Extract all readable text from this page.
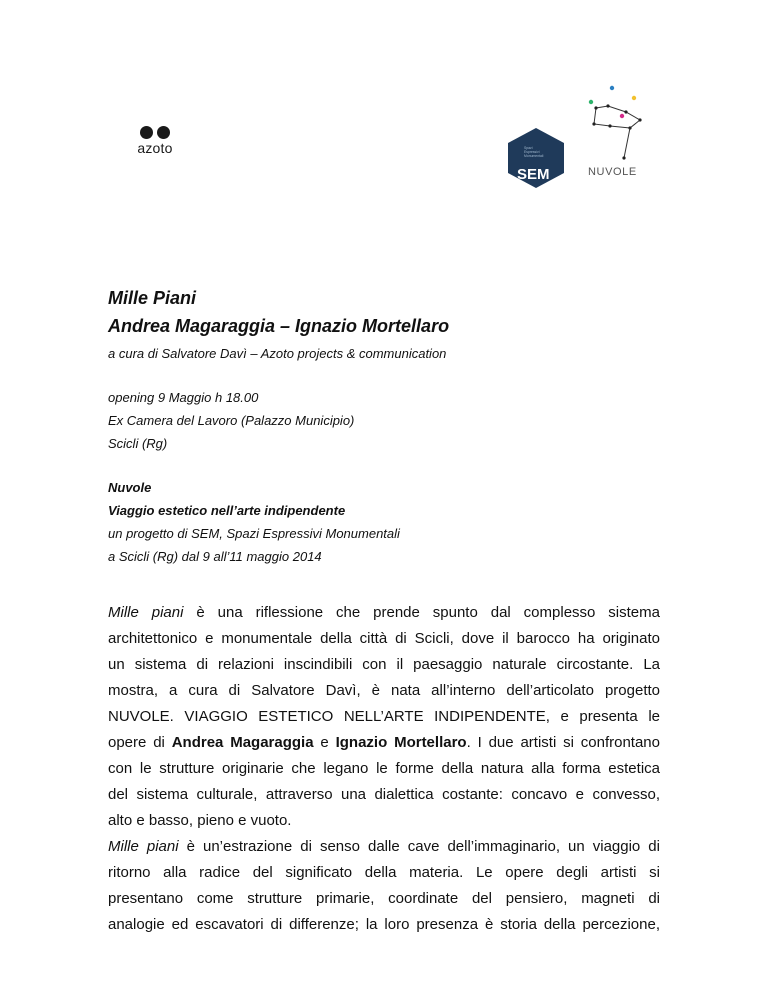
azoto	Spazi
Espressivi
Monumentali
SEM	NUVOLE
Mille Piani
Andrea Magaraggia – Ignazio Mortellaro
a cura di Salvatore Davì – Azoto projects & communication
opening 9 Maggio h 18.00
Ex Camera del Lavoro (Palazzo Municipio)
Scicli (Rg)
Nuvole
Viaggio estetico nell’arte indipendente
un progetto di SEM, Spazi Espressivi Monumentali
a Scicli (Rg) dal 9 all’11 maggio 2014

Mille piani è una riflessione che prende spunto dal complesso sistema
architettonico e monumentale della città di Scicli, dove il barocco ha originato
un sistema di relazioni inscindibili con il paesaggio naturale circostante. La
mostra, a cura di Salvatore Davì, è nata all’interno dell’articolato progetto
NUVOLE. VIAGGIO ESTETICO NELL’ARTE INDIPENDENTE, e presenta le
opere di Andrea Magaraggia e Ignazio Mortellaro. I due artisti si confrontano
con le strutture originarie che legano le forme della natura alla forma estetica
del sistema culturale, attraverso una dialettica costante: concavo e convesso,
alto e basso, pieno e vuoto.

Mille piani è un’estrazione di senso dalle cave dell’immaginario, un viaggio di
ritorno alla radice del significato della materia. Le opere degli artisti si
presentano come strutture primarie, coordinate del pensiero, magneti di
analogie ed escavatori di differenze; la loro presenza è storia della percezione,
